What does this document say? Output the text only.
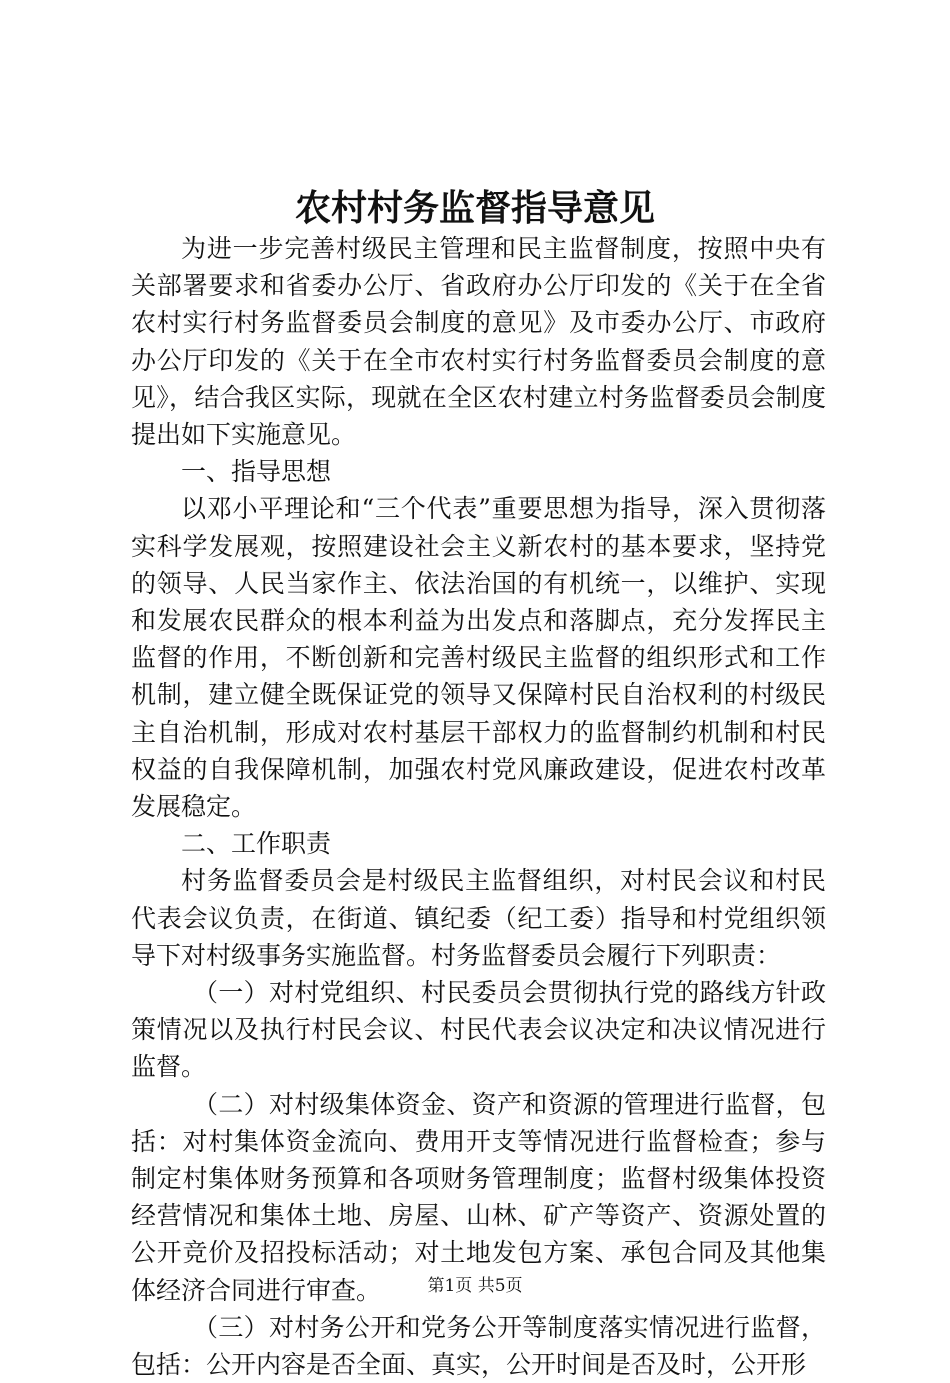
农村村务监督指导意见

为进一步完善村级民主管理和民主监督制度，按照中央有关部署要求和省委办公厅、省政府办公厅印发的《关于在全省农村实行村务监督委员会制度的意见》及市委办公厅、市政府办公厅印发的《关于在全市农村实行村务监督委员会制度的意见》，结合我区实际，现就在全区农村建立村务监督委员会制度提出如下实施意见。

一、指导思想

以邓小平理论和“三个代表”重要思想为指导，深入贯彻落实科学发展观，按照建设社会主义新农村的基本要求，坚持党的领导、人民当家作主、依法治国的有机统一，以维护、实现和发展农民群众的根本利益为出发点和落脚点，充分发挥民主监督的作用，不断创新和完善村级民主监督的组织形式和工作机制，建立健全既保证党的领导又保障村民自治权利的村级民主自治机制，形成对农村基层干部权力的监督制约机制和村民权益的自我保障机制，加强农村党风廉政建设，促进农村改革发展稳定。

二、工作职责

村务监督委员会是村级民主监督组织，对村民会议和村民代表会议负责，在街道、镇纪委（纪工委）指导和村党组织领导下对村级事务实施监督。村务监督委员会履行下列职责：

（一）对村党组织、村民委员会贯彻执行党的路线方针政策情况以及执行村民会议、村民代表会议决定和决议情况进行监督。

（二）对村级集体资金、资产和资源的管理进行监督，包括：对村集体资金流向、费用开支等情况进行监督检查；参与制定村集体财务预算和各项财务管理制度；监督村级集体投资经营情况和集体土地、房屋、山林、矿产等资产、资源处置的公开竞价及招投标活动；对土地发包方案、承包合同及其他集体经济合同进行审查。

（三）对村务公开和党务公开等制度落实情况进行监督，包括：公开内容是否全面、真实，公开时间是否及时，公开形

第1页 共5页
